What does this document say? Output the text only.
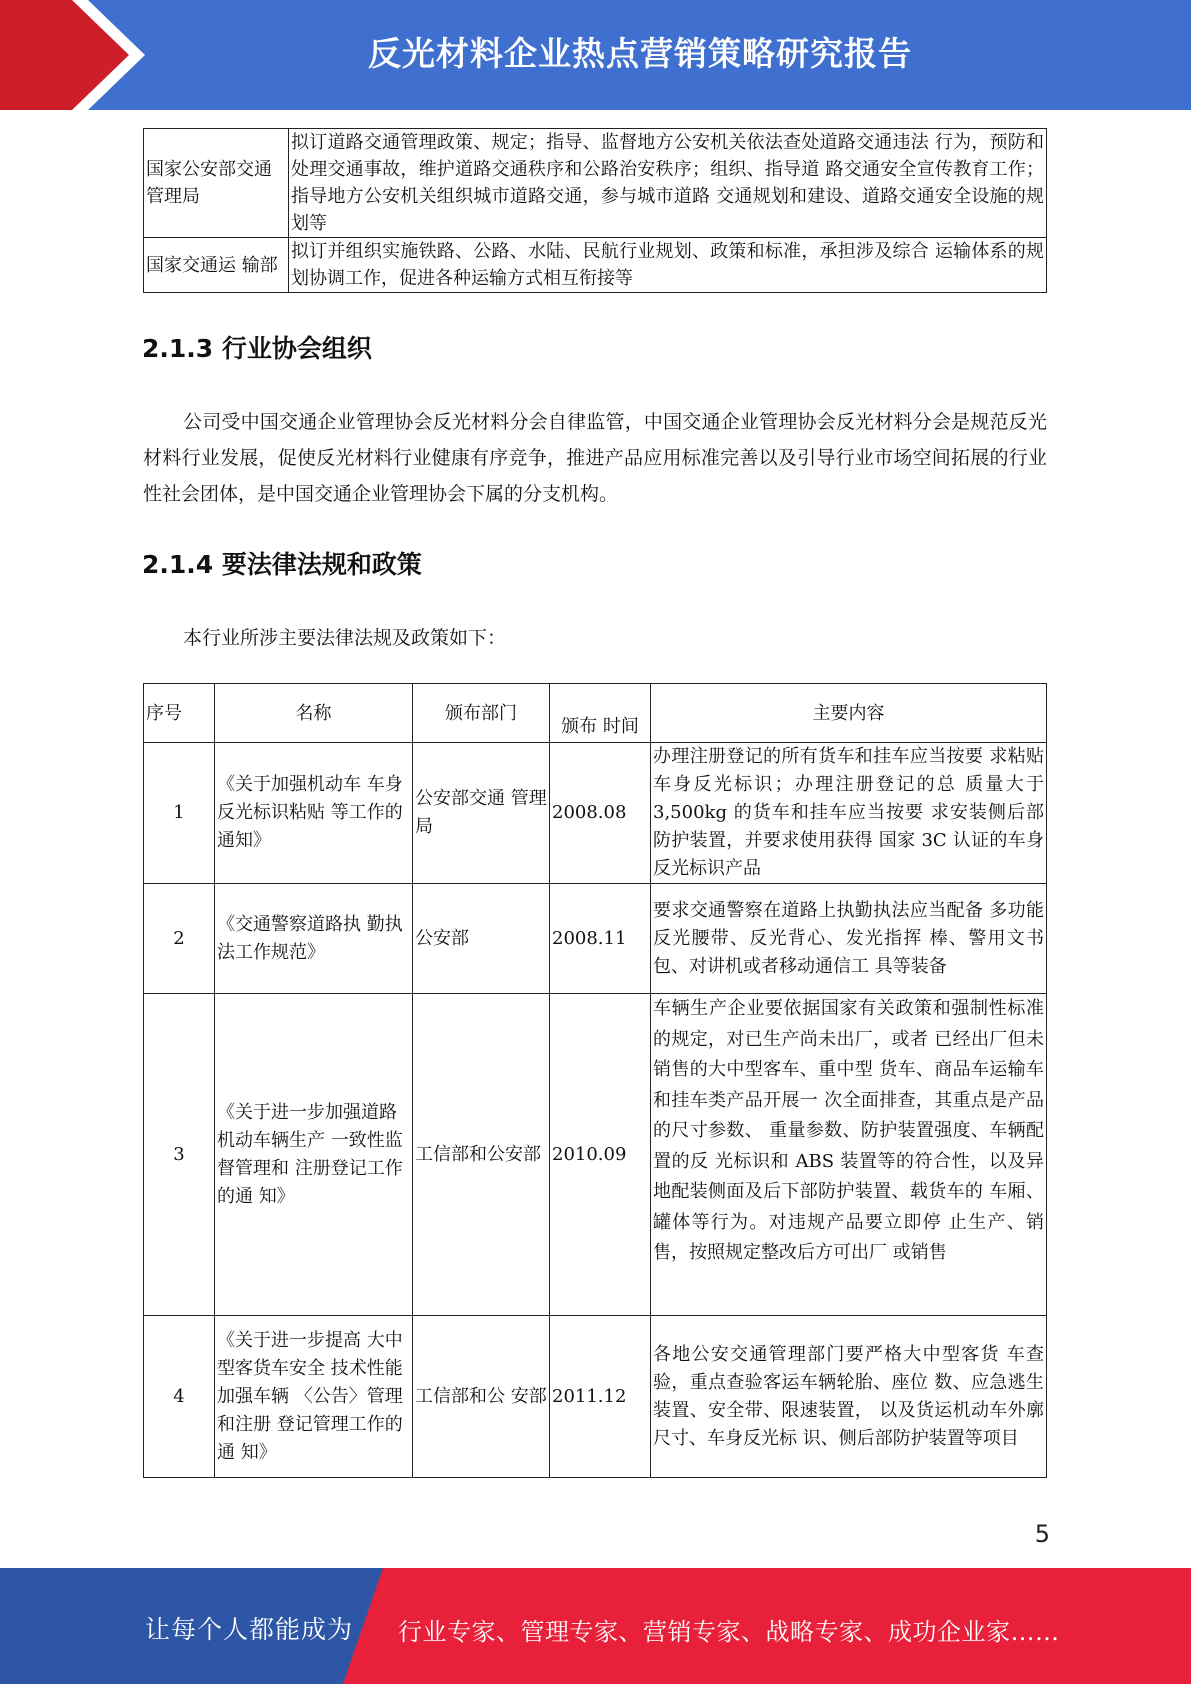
反光材料企业热点营销策略研究报告
国家公安部交通管理局	拟订道路交通管理政策、规定；指导、监督地方公安机关依法查处道路交通违法 行为，预防和处理交通事故，维护道路交通秩序和公路治安秩序；组织、指导道 路交通安全宣传教育工作；指导地方公安机关组织城市道路交通，参与城市道路 交通规划和建设、道路交通安全设施的规划等
国家交通运 输部	拟订并组织实施铁路、公路、水陆、民航行业规划、政策和标准，承担涉及综合 运输体系的规划协调工作，促进各种运输方式相互衔接等
2.1.3 行业协会组织
公司受中国交通企业管理协会反光材料分会自律监管，中国交通企业管理协会反光材料分会是规范反光材料行业发展，促使反光材料行业健康有序竞争，推进产品应用标准完善以及引导行业市场空间拓展的行业性社会团体，是中国交通企业管理协会下属的分支机构。
2.1.4 要法律法规和政策
本行业所涉主要法律法规及政策如下：
序号	名称	颁布部门	颁布 时间	主要内容
1	《关于加强机动车 车身反光标识粘贴 等工作的通知》	公安部交通 管理局	2008.08	办理注册登记的所有货车和挂车应当按要 求粘贴车身反光标识；办理注册登记的总 质量大于 3,500kg 的货车和挂车应当按要 求安装侧后部防护装置，并要求使用获得 国家 3C 认证的车身反光标识产品
2	《交通警察道路执 勤执法工作规范》	公安部	2008.11	要求交通警察在道路上执勤执法应当配备 多功能反光腰带、反光背心、发光指挥 棒、警用文书包、对讲机或者移动通信工 具等装备
3	《关于进一步加强道路机动车辆生产 一致性监督管理和 注册登记工作的通 知》	工信部和公安部	2010.09	车辆生产企业要依据国家有关政策和强制性标准的规定，对已生产尚未出厂，或者 已经出厂但未销售的大中型客车、重中型 货车、商品车运输车和挂车类产品开展一 次全面排查，其重点是产品的尺寸参数、 重量参数、防护装置强度、车辆配置的反 光标识和 ABS 装置等的符合性，以及异 地配装侧面及后下部防护装置、载货车的 车厢、罐体等行为。对违规产品要立即停 止生产、销售，按照规定整改后方可出厂 或销售
4	《关于进一步提高 大中型客货车安全 技术性能加强车辆 〈公告〉管理和注册 登记管理工作的通 知》	工信部和公 安部	2011.12	各地公安交通管理部门要严格大中型客货 车查验，重点查验客运车辆轮胎、座位 数、应急逃生装置、安全带、限速装置， 以及货运机动车外廓尺寸、车身反光标 识、侧后部防护装置等项目
5
让每个人都能成为 行业专家、管理专家、营销专家、战略专家、成功企业家……
